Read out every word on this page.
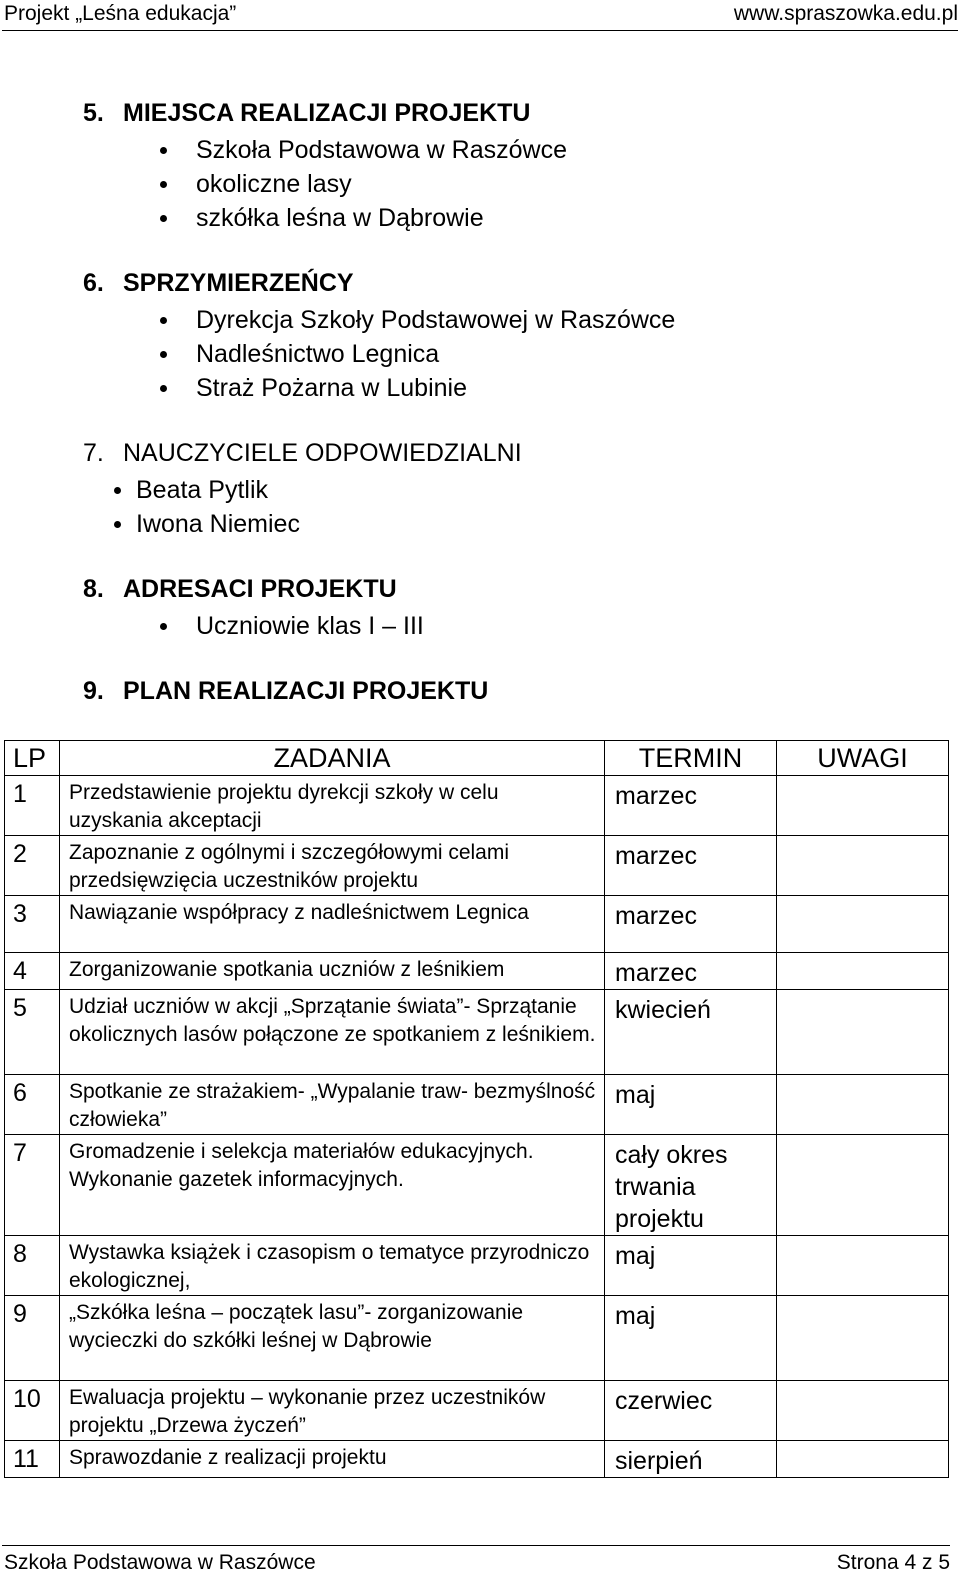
Projekt „Leśna edukacja”	www.spraszowka.edu.pl
5. MIEJSCA REALIZACJI PROJEKTU
Szkoła Podstawowa w Raszówce
okoliczne lasy
szkółka leśna w Dąbrowie
6. SPRZYMIERZEŃCY
Dyrekcja Szkoły Podstawowej w Raszówce
Nadleśnictwo Legnica
Straż Pożarna w Lubinie
7. NAUCZYCIELE ODPOWIEDZIALNI
Beata Pytlik
Iwona Niemiec
8. ADRESACI PROJEKTU
Uczniowie klas I – III
9. PLAN REALIZACJI PROJEKTU
LP	ZADANIA	TERMIN	UWAGI
1	Przedstawienie projektu dyrekcji szkoły w celu uzyskania akceptacji	marzec	
2	Zapoznanie z ogólnymi i szczegółowymi celami przedsięwzięcia uczestników projektu	marzec	
3	Nawiązanie współpracy z nadleśnictwem Legnica	marzec	
4	Zorganizowanie spotkania uczniów z leśnikiem	marzec	
5	Udział uczniów w akcji „Sprzątanie świata”- Sprzątanie okolicznych lasów połączone ze spotkaniem z leśnikiem.	kwiecień	
6	Spotkanie ze strażakiem- „Wypalanie traw- bezmyślność człowieka”	maj	
7	Gromadzenie i selekcja materiałów edukacyjnych. Wykonanie gazetek informacyjnych.	cały okres trwania projektu	
8	Wystawka książek i czasopism o tematyce przyrodniczo ekologicznej,	maj	
9	„Szkółka leśna – początek lasu”- zorganizowanie wycieczki do szkółki leśnej w Dąbrowie	maj	
10	Ewaluacja projektu – wykonanie przez uczestników projektu „Drzewa życzeń”	czerwiec	
11	Sprawozdanie z realizacji projektu	sierpień	
Szkoła Podstawowa w Raszówce	Strona 4 z 5
